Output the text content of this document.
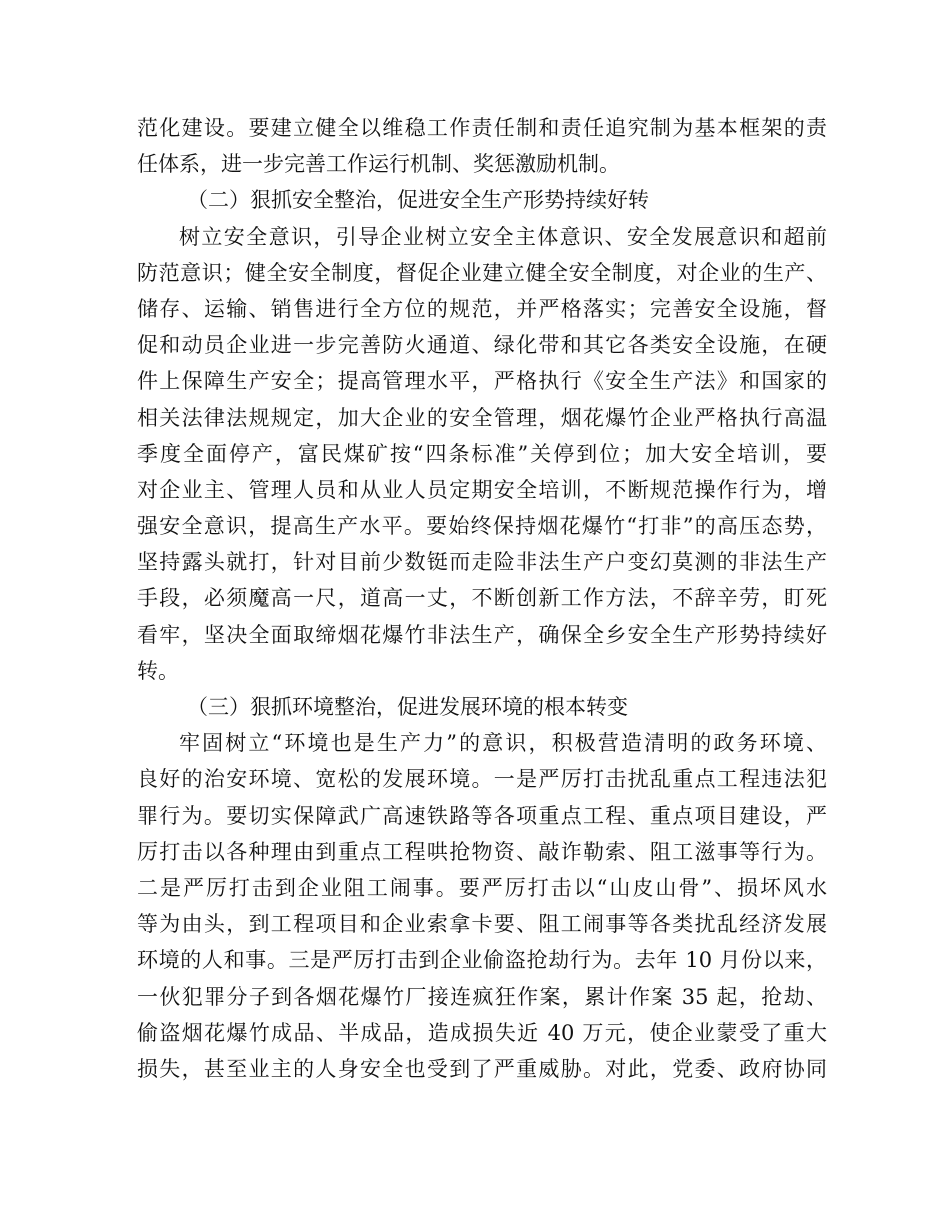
范化建设。要建立健全以维稳工作责任制和责任追究制为基本框架的责
任体系，进一步完善工作运行机制、奖惩激励机制。
（二）狠抓安全整治，促进安全生产形势持续好转
树立安全意识，引导企业树立安全主体意识、安全发展意识和超前
防范意识；健全安全制度，督促企业建立健全安全制度，对企业的生产、
储存、运输、销售进行全方位的规范，并严格落实；完善安全设施，督
促和动员企业进一步完善防火通道、绿化带和其它各类安全设施，在硬
件上保障生产安全；提高管理水平，严格执行《安全生产法》和国家的
相关法律法规规定，加大企业的安全管理，烟花爆竹企业严格执行高温
季度全面停产，富民煤矿按“四条标准”关停到位；加大安全培训，要
对企业主、管理人员和从业人员定期安全培训，不断规范操作行为，增
强安全意识，提高生产水平。要始终保持烟花爆竹“打非”的高压态势，
坚持露头就打，针对目前少数铤而走险非法生产户变幻莫测的非法生产
手段，必须魔高一尺，道高一丈，不断创新工作方法，不辞辛劳，盯死
看牢，坚决全面取缔烟花爆竹非法生产，确保全乡安全生产形势持续好
转。
（三）狠抓环境整治，促进发展环境的根本转变
牢固树立“环境也是生产力”的意识，积极营造清明的政务环境、
良好的治安环境、宽松的发展环境。一是严厉打击扰乱重点工程违法犯
罪行为。要切实保障武广高速铁路等各项重点工程、重点项目建设，严
厉打击以各种理由到重点工程哄抢物资、敲诈勒索、阻工滋事等行为。
二是严厉打击到企业阻工闹事。要严厉打击以“山皮山骨”、损坏风水
等为由头，到工程项目和企业索拿卡要、阻工闹事等各类扰乱经济发展
环境的人和事。三是严厉打击到企业偷盗抢劫行为。去年 10 月份以来，
一伙犯罪分子到各烟花爆竹厂接连疯狂作案，累计作案 35 起，抢劫、
偷盗烟花爆竹成品、半成品，造成损失近 40 万元，使企业蒙受了重大
损失，甚至业主的人身安全也受到了严重威胁。对此，党委、政府协同
